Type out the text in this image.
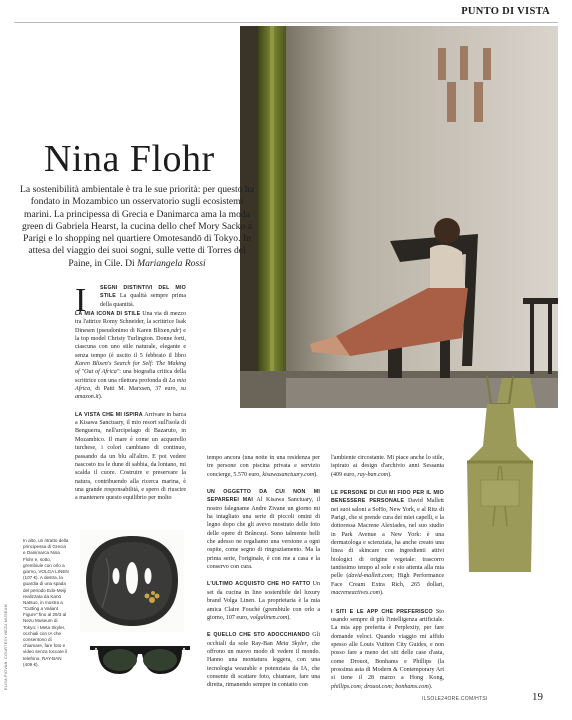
PUNTO DI VISTA
Nina Flohr
La sostenibilità ambientale è tra le sue priorità: per questo ha fondato in Mozambico un osservatorio sugli ecosistemi marini. La principessa di Grecia e Danimarca ama la moda green di Gabriela Hearst, la cucina dello chef Mory Sacko a Parigi e lo shopping nel quartiere Omotesandō di Tokyo. In attesa del viaggio dei suoi sogni, sulle vette di Torres del Paine, in Cile. Di Mariangela Rossi
I	SEGNI DISTINTIVI DEL MIO STILE La qualità sempre prima della quantità.

LA MIA ICONA DI STILE Una via di mezzo tra l'attrice Romy Schneider, la scrittrice Isak Dinesen (pseudonimo di Karen Blixen,ndr) e la top model Christy Turlington. Donne forti, ciascuna con uno stile naturale, elegante e senza tempo (è uscito il 5 febbraio il libro Karen Blixen's Search for Self: The Making of "Out of Africa": una biografia critica della scrittrice con una rilettura profonda di La mia Africa, di Patti M. Marxsen, 37 euro, su amazon.it).

LA VISTA CHE MI ISPIRA Arrivare in barca a Kisawa Sanctuary, il mio resort sull'isola di Benguerra, nell'arcipelago di Bazaruto, in Mozambico. Il mare è come un acquerello turchese, i colori cambiano di continuo, passando da un blu all'altro. E poi vedere nascosto tra le dune di sabbia, da lontano, mi scalda il cuore. Costruire e preservare la natura, contribuendo alla ricerca marina, è una grande responsabilità, e spero di riuscire a mantenere questo equilibrio per molto

tempo ancora (una notte in una residenza per tre persone con piscina privata e servizio concierge, 5.570 euro, kisawasanctuary.com).

UN OGGETTO DA CUI NON MI SEPAREREI MAI Al Kisawa Sanctuary, il nostro falegname Andre Zivane un giorno mi ha intagliato una serie di piccoli omini di legno dopo che gli avevo mostrato delle foto delle opere di Brâncuși. Sono talmente belli che adesso ne regaliamo una versione a ogni ospite, come segno di ringraziamento. Ma la prima serie, l'originale, è con me a casa e la conservo con cura.

L'ULTIMO ACQUISTO CHE HO FATTO Un set da cucina in lino sostenibile del luxury brand Volga Linen. La proprietaria è la mia amica Claire Fouché (grembiule con orlo a giorno, 107 euro, volgalinen.com).

E QUELLO CHE STO ADOCCHIANDO Gli occhiali da sole Ray-Ban Meta Skyler, che offrono un nuovo modo di vedere il mondo. Hanno una montatura leggera, con una tecnologia wearable e potenziata da IA, che consente di scattare foto, chiamare, fare una diretta, rimanendo sempre in contatto con

l'ambiente circostante. Mi piace anche lo stile, ispirato ai design d'archivio anni Sessanta (409 euro, ray-ban.com).

LE PERSONE DI CUI MI FIDO PER IL MIO BENESSERE PERSONALE David Mallett nei suoi saloni a SoHo, New York, e al Ritz di Parigi, che si prende cura dei miei capelli, e la dottoressa Macrene Alexiades, nel suo studio in Park Avenue a New York: è una dermatologa e scienziata, ha anche creato una linea di skincare con ingredienti attivi biologici di origine vegetale: trascorro tantissimo tempo al sole e sto attenta alla mia pelle (david-mallett.com; High Performance Face Cream Extra Rich, 265 dollari, macreneactives.com).

I SITI E LE APP CHE PREFERISCO Sto usando sempre di più l'intelligenza artificiale. La mia app preferita è Perplexity, per fare domande veloci. Quando viaggio mi affido spesso alle Louis Vuitton City Guides, e non posso fare a meno dei siti delle case d'asta, come Drouot, Bonhams e Phillips (la prossima asta di Modern & Contemporary Art si tiene il 28 marzo a Hong Kong, phillips.com; drouot.com; bonhams.com).

In alto, un ritratto della principessa di Grecia e Danimarca Nina Flohr e, sotto, grembiule con orlo a giorno, VOLGA LINEN (107 €). A destra, la guardia di una spada del periodo Edo-Meiji realizzata da Kanō Natsuo, in mostra a "Cutting a Valiant Figure" fino al 29/3 al Nezu Museum di Tokyo; i Meta Skyler, occhiali con IA che consentono di chiamare, fare foto e video senza toccare il telefono, RAY-BAN (409 €).
ELISA PIOVAN. COURTESY NEZU MUSEUM
ILSOLE24ORE.COM/HTSI	19
